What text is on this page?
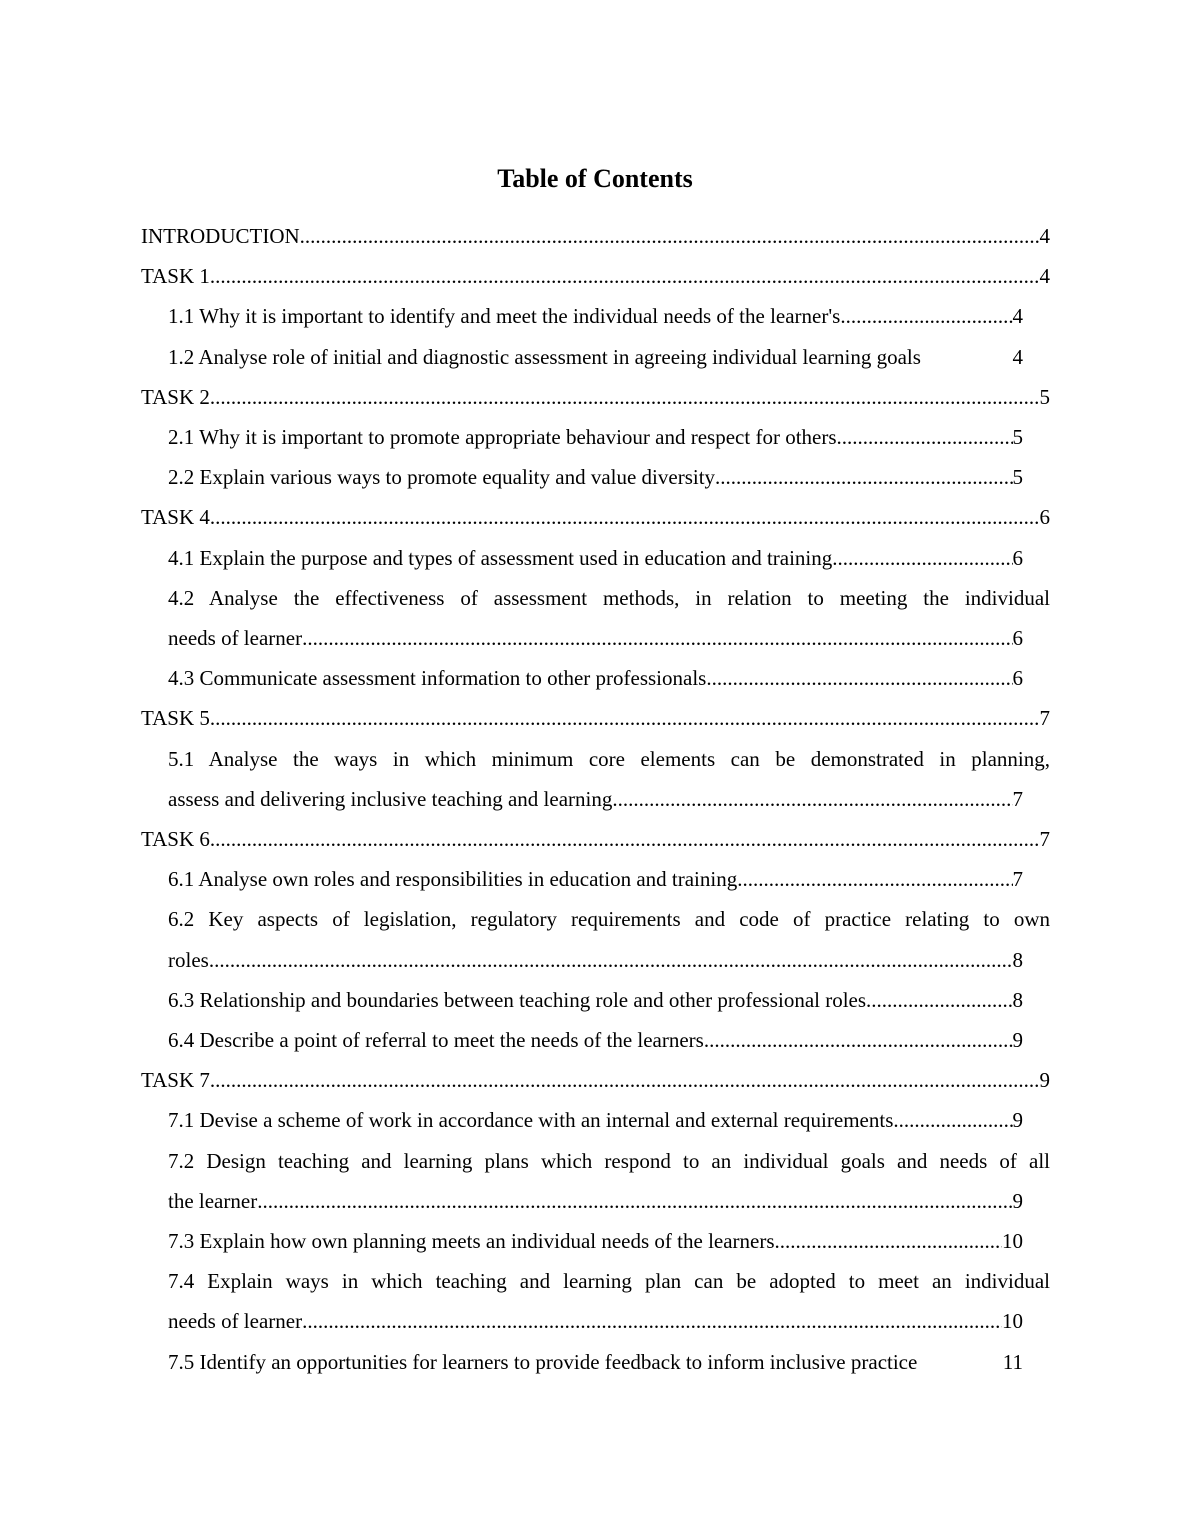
Table of Contents
INTRODUCTION .....	4
TASK 1 .....	4
1.1 Why it is important to identify and meet the individual needs of the learner's .....	4
1.2 Analyse role of initial and diagnostic assessment in agreeing individual learning goals	4
TASK 2 .....	5
2.1 Why it is important to promote appropriate behaviour and respect for others .....	5
2.2 Explain various ways to promote equality and value diversity .....	5
TASK 4 .....	6
4.1 Explain the purpose and types of assessment used in education and training .....	6
4.2 Analyse the effectiveness of assessment methods, in relation to meeting the individual
needs of learner .....	6
4.3 Communicate assessment information to other professionals .....	6
TASK 5 .....	7
5.1 Analyse the ways in which minimum core elements can be demonstrated in planning,
assess and delivering inclusive teaching and learning .....	7
TASK 6 .....	7
6.1 Analyse own roles and responsibilities in education and training .....	7
6.2 Key aspects of legislation, regulatory requirements and code of practice relating to own
roles .....	8
6.3 Relationship and boundaries between teaching role and other professional roles .....	8
6.4 Describe a point of referral to meet the needs of the learners .....	9
TASK 7 .....	9
7.1 Devise a scheme of work in accordance with an internal and external requirements .....	9
7.2 Design teaching and learning plans which respond to an individual goals and needs of all
the learner .....	9
7.3 Explain how own planning meets an individual needs of the learners .....	10
7.4 Explain ways in which teaching and learning plan can be adopted to meet an individual
needs of learner .....	10
7.5 Identify an opportunities for learners to provide feedback to inform inclusive practice	11
